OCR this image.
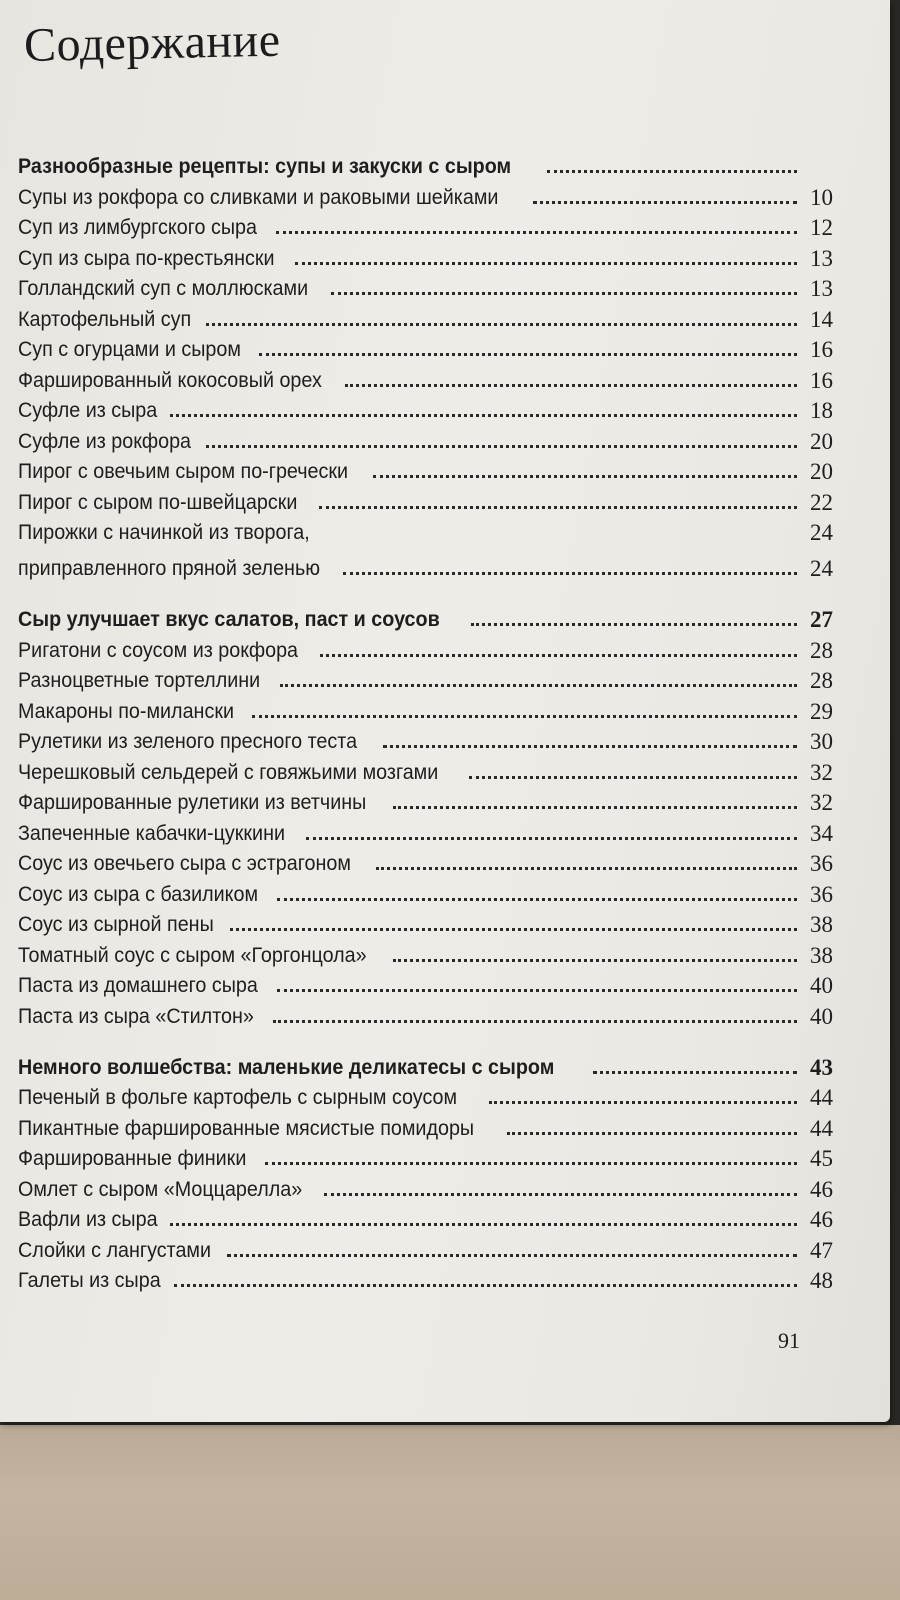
Содержание
Разнообразные рецепты: супы и закуски с сыром
Супы из рокфора со сливками и раковыми шейками	10
Суп из лимбургского сыра	12
Суп из сыра по-крестьянски	13
Голландский суп с моллюсками	13
Картофельный суп	14
Суп с огурцами и сыром	16
Фаршированный кокосовый орех	16
Суфле из сыра	18
Суфле из рокфора	20
Пирог с овечьим сыром по-гречески	20
Пирог с сыром по-швейцарски	22
Пирожки с начинкой из творога,	24
приправленного пряной зеленью	24
Сыр улучшает вкус салатов, паст и соусов	27
Ригатони с соусом из рокфора	28
Разноцветные тортеллини	28
Макароны по-милански	29
Рулетики из зеленого пресного теста	30
Черешковый сельдерей с говяжьими мозгами	32
Фаршированные рулетики из ветчины	32
Запеченные кабачки-цуккини	34
Соус из овечьего сыра с эстрагоном	36
Соус из сыра с базиликом	36
Соус из сырной пены	38
Томатный соус с сыром «Горгонцола»	38
Паста из домашнего сыра	40
Паста из сыра «Стилтон»	40
Немного волшебства: маленькие деликатесы с сыром	43
Печеный в фольге картофель с сырным соусом	44
Пикантные фаршированные мясистые помидоры	44
Фаршированные финики	45
Омлет с сыром «Моццарелла»	46
Вафли из сыра	46
Слойки с лангустами	47
Галеты из сыра	48
91
